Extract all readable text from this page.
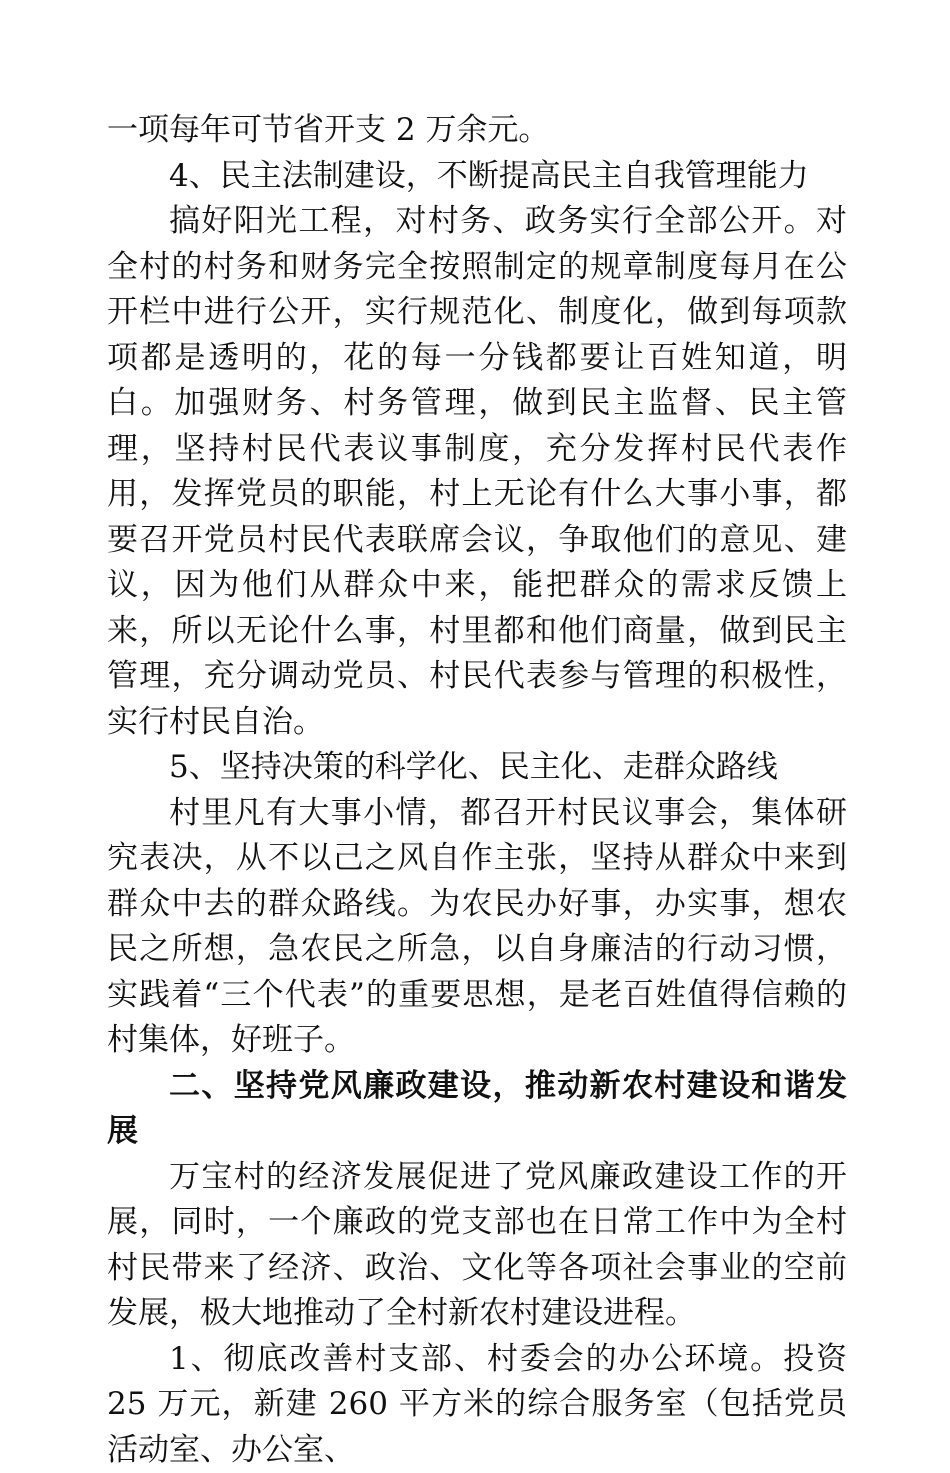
一项每年可节省开支 2 万余元。

4、民主法制建设，不断提高民主自我管理能力

搞好阳光工程，对村务、政务实行全部公开。对全村的村务和财务完全按照制定的规章制度每月在公开栏中进行公开，实行规范化、制度化，做到每项款项都是透明的，花的每一分钱都要让百姓知道，明白。加强财务、村务管理，做到民主监督、民主管理，坚持村民代表议事制度，充分发挥村民代表作用，发挥党员的职能，村上无论有什么大事小事，都要召开党员村民代表联席会议，争取他们的意见、建议，因为他们从群众中来，能把群众的需求反馈上来，所以无论什么事，村里都和他们商量，做到民主管理，充分调动党员、村民代表参与管理的积极性，实行村民自治。

5、坚持决策的科学化、民主化、走群众路线

村里凡有大事小情，都召开村民议事会，集体研究表决，从不以己之风自作主张，坚持从群众中来到群众中去的群众路线。为农民办好事，办实事，想农民之所想，急农民之所急，以自身廉洁的行动习惯，实践着“三个代表”的重要思想，是老百姓值得信赖的村集体，好班子。

二、坚持党风廉政建设，推动新农村建设和谐发展

万宝村的经济发展促进了党风廉政建设工作的开展，同时，一个廉政的党支部也在日常工作中为全村村民带来了经济、政治、文化等各项社会事业的空前发展，极大地推动了全村新农村建设进程。

1、彻底改善村支部、村委会的办公环境。投资 25 万元，新建 260 平方米的综合服务室（包括党员活动室、办公室、
